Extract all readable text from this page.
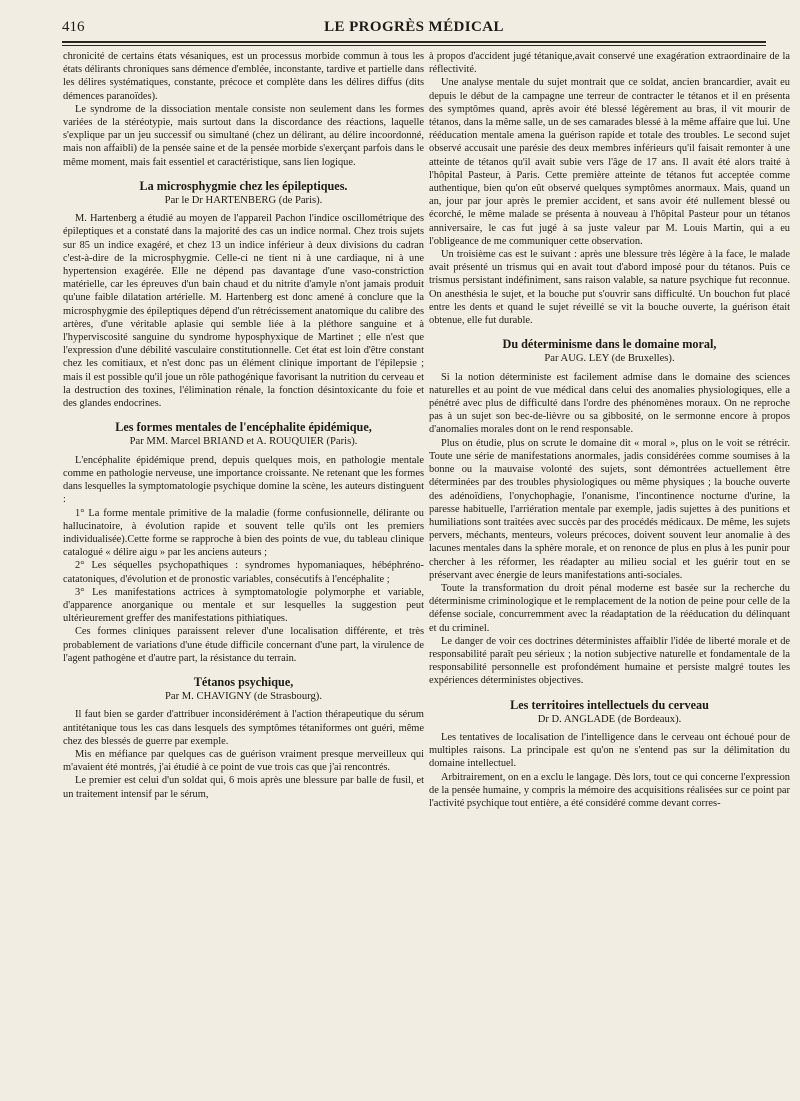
416	LE PROGRÈS MÉDICAL

chronicité de certains états vésaniques, est un processus morbide commun à tous les états délirants chroniques sans démence d'emblée, inconstante, tardive et partielle dans les délires systématiques, constante, précoce et complète dans les délires diffus (dits démences paranoïdes).

Le syndrome de la dissociation mentale consiste non seulement dans les formes variées de la stéréotypie, mais surtout dans la discordance des réactions, laquelle s'explique par un jeu successif ou simultané (chez un délirant, au délire incoordonné, mais non affaibli) de la pensée saine et de la pensée morbide s'exerçant parfois dans le même moment, mais fait essentiel et caractéristique, sans lien logique.

La microsphygmie chez les épileptiques.
Par le Dr HARTENBERG (de Paris).

M. Hartenberg a étudié au moyen de l'appareil Pachon l'indice oscillométrique des épileptiques et a constaté dans la majorité des cas un indice normal. Chez trois sujets sur 85 un indice exagéré, et chez 13 un indice inférieur à deux divisions du cadran c'est-à-dire de la microsphygmie. Celle-ci ne tient ni à une cardiaque, ni à une hypertension exagérée. Elle ne dépend pas davantage d'une vaso-constriction matérielle, car les épreuves d'un bain chaud et du nitrite d'amyle n'ont jamais produit qu'une faible dilatation artérielle. M. Hartenberg est donc amené à conclure que la microsphygmie des épileptiques dépend d'un rétrécissement anatomique du calibre des artères, d'une véritable aplasie qui semble liée à la pléthore sanguine et à l'hyperviscosité sanguine du syndrome hyposphyxique de Martinet ; elle n'est que l'expression d'une débilité vasculaire constitutionnelle. Cet état est loin d'être constant chez les comitiaux, et n'est donc pas un élément clinique important de l'épilepsie ; mais il est possible qu'il joue un rôle pathogénique favorisant la nutrition du cerveau et la destruction des toxines, l'élimination rénale, la fonction désintoxicante du foie et des glandes endocrines.

Les formes mentales de l'encéphalite épidémique,
Par MM. Marcel BRIAND et A. ROUQUIER (Paris).

L'encéphalite épidémique prend, depuis quelques mois, en pathologie mentale comme en pathologie nerveuse, une importance croissante. Ne retenant que les formes dans lesquelles la symptomatologie psychique domine la scène, les auteurs distinguent :

1° La forme mentale primitive de la maladie (forme confusionnelle, délirante ou hallucinatoire, à évolution rapide et souvent telle qu'ils ont les premiers individualisée).Cette forme se rapproche à bien des points de vue, du tableau clinique catalogué « délire aigu » par les anciens auteurs ;

2° Les séquelles psychopathiques : syndromes hypomaniaques, hébéphréno-catatoniques, d'évolution et de pronostic variables, consécutifs à l'encéphalite ;

3° Les manifestations actrices à symptomatologie polymorphe et variable, d'apparence anorganique ou mentale et sur lesquelles la suggestion peut ultérieurement greffer des manifestations pithiatiques.

Ces formes cliniques paraissent relever d'une localisation différente, et très probablement de variations d'une étude difficile concernant d'une part, la virulence de l'agent pathogène et d'autre part, la résistance du terrain.

Tétanos psychique,
Par M. CHAVIGNY (de Strasbourg).

Il faut bien se garder d'attribuer inconsidérément à l'action thérapeutique du sérum antitétanique tous les cas dans lesquels des symptômes tétaniformes ont guéri, même chez des blessés de guerre par exemple.

Mis en méfiance par quelques cas de guérison vraiment presque merveilleux qui m'avaient été montrés, j'ai étudié à ce point de vue trois cas que j'ai rencontrés.

Le premier est celui d'un soldat qui, 6 mois après une blessure par balle de fusil, et un traitement intensif par le sérum,

à propos d'accident jugé tétanique,avait conservé une exagération extraordinaire de la réflectivité.

Une analyse mentale du sujet montrait que ce soldat, ancien brancardier, avait eu depuis le début de la campagne une terreur de contracter le tétanos et il en présenta des symptômes quand, après avoir été blessé légèrement au bras, il vit mourir de tétanos, dans la même salle, un de ses camarades blessé à la même affaire que lui. Une rééducation mentale amena la guérison rapide et totale des troubles. Le second sujet observé accusait une parésie des deux membres inférieurs qu'il faisait remonter à une atteinte de tétanos qu'il avait subie vers l'âge de 17 ans. Il avait été alors traité à l'hôpital Pasteur, à Paris. Cette première atteinte de tétanos fut acceptée comme authentique, bien qu'on eût observé quelques symptômes anormaux. Mais, quand un an, jour par jour après le premier accident, et sans avoir été nullement blessé ou écorché, le même malade se présenta à nouveau à l'hôpital Pasteur pour un tétanos anniversaire, le cas fut jugé à sa juste valeur par M. Louis Martin, qui a eu l'obligeance de me communiquer cette observation.

Un troisième cas est le suivant : après une blessure très légère à la face, le malade avait présenté un trismus qui en avait tout d'abord imposé pour du tétanos. Puis ce trismus persistant indéfiniment, sans raison valable, sa nature psychique fut reconnue. On anesthésia le sujet, et la bouche put s'ouvrir sans difficulté. Un bouchon fut placé entre les dents et quand le sujet réveillé se vit la bouche ouverte, la guérison était obtenue, elle fut durable.

Du déterminisme dans le domaine moral,
Par AUG. LEY (de Bruxelles).

Si la notion déterministe est facilement admise dans le domaine des sciences naturelles et au point de vue médical dans celui des anomalies physiologiques, elle a pénétré avec plus de difficulté dans l'ordre des phénomènes moraux. On ne reproche pas à un sujet son bec-de-lièvre ou sa gibbosité, on le sermonne encore à propos d'anomalies morales dont on le rend responsable.

Plus on étudie, plus on scrute le domaine dit « moral », plus on le voit se rétrécir. Toute une série de manifestations anormales, jadis considérées comme soumises à la bonne ou la mauvaise volonté des sujets, sont démontrées actuellement être déterminées par des troubles physiologiques ou même physiques ; la bouche ouverte des adénoïdiens, l'onychophagie, l'onanisme, l'incontinence nocturne d'urine, la paresse habituelle, l'arriération mentale par exemple, jadis sujettes à des punitions et humiliations sont traitées avec succès par des procédés médicaux. De même, les sujets pervers, méchants, menteurs, voleurs précoces, doivent souvent leur anomalie à des lacunes mentales dans la sphère morale, et on renonce de plus en plus à les punir pour chercher à les réformer, les réadapter au milieu social et les guérir tout en se préservant avec énergie de leurs manifestations anti-sociales.

Toute la transformation du droit pénal moderne est basée sur la recherche du déterminisme criminologique et le remplacement de la notion de peine pour celle de la défense sociale, concurremment avec la réadaptation de la rééducation du délinquant et du criminel.

Le danger de voir ces doctrines déterministes affaiblir l'idée de liberté morale et de responsabilité paraît peu sérieux ; la notion subjective naturelle et fondamentale de la responsabilité personnelle est profondément humaine et persiste malgré toutes les expériences déterministes objectives.

Les territoires intellectuels du cerveau
Dr D. ANGLADE (de Bordeaux).

Les tentatives de localisation de l'intelligence dans le cerveau ont échoué pour de multiples raisons. La principale est qu'on ne s'entend pas sur la délimitation du domaine intellectuel.

Arbitrairement, on en a exclu le langage. Dès lors, tout ce qui concerne l'expression de la pensée humaine, y compris la mémoire des acquisitions réalisées sur ce point par l'activité psychique tout entière, a été considéré comme devant corres-
